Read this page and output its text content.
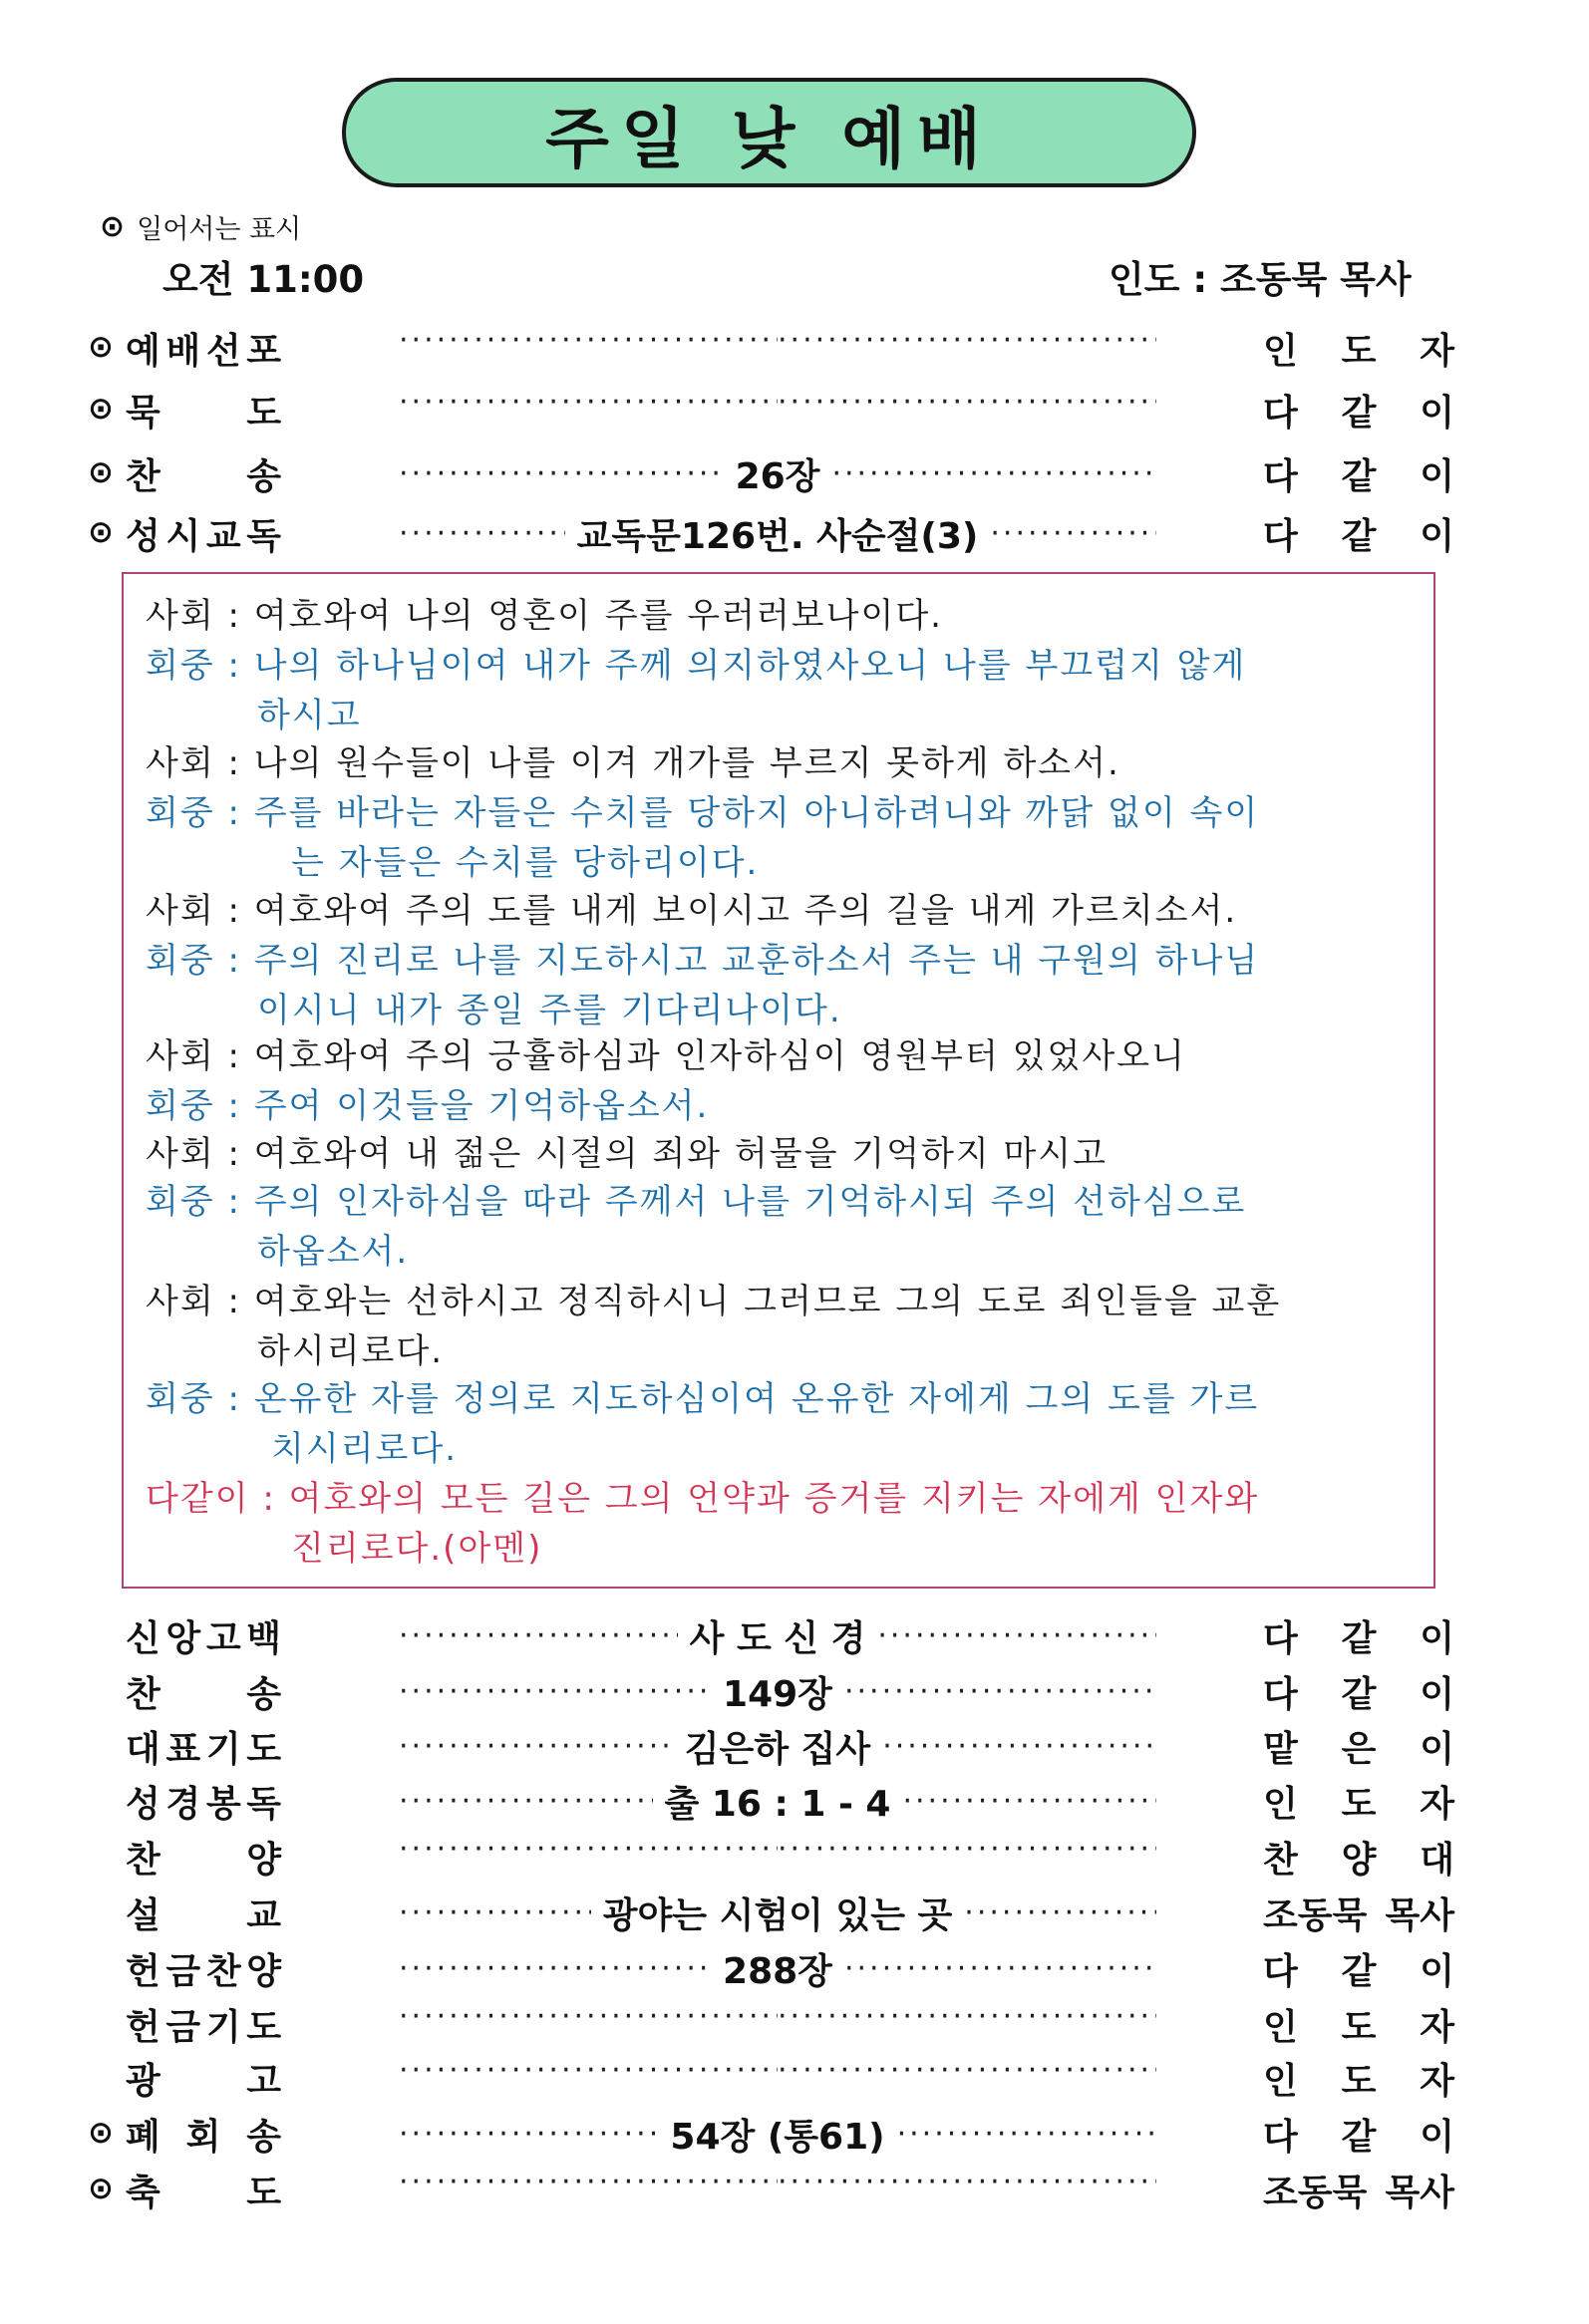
주일 낮 예배
⊙ 일어서는 표시
오전 11:00	인도 : 조동묵 목사
⊙ 예 배 선 포 ····· ·····	인 도 자
⊙ 묵 도 ····· ·····	다 같 이
⊙ 찬 송 ·····	26장 ·····	다 같 이
⊙ 성 시 교 독 ·····	교독문126번. 사순절(3) ·····	다 같 이
사회 : 여호와여 나의 영혼이 주를 우러러보나이다.
회중 : 나의 하나님이여 내가 주께 의지하였사오니 나를 부끄럽지 않게
하시고
사회 : 나의 원수들이 나를 이겨 개가를 부르지 못하게 하소서.
회중 : 주를 바라는 자들은 수치를 당하지 아니하려니와 까닭 없이 속이
는 자들은 수치를 당하리이다.
사회 : 여호와여 주의 도를 내게 보이시고 주의 길을 내게 가르치소서.
회중 : 주의 진리로 나를 지도하시고 교훈하소서 주는 내 구원의 하나님
이시니 내가 종일 주를 기다리나이다.
사회 : 여호와여 주의 긍휼하심과 인자하심이 영원부터 있었사오니
회중 : 주여 이것들을 기억하옵소서.
사회 : 여호와여 내 젊은 시절의 죄와 허물을 기억하지 마시고
회중 : 주의 인자하심을 따라 주께서 나를 기억하시되 주의 선하심으로
하옵소서.
사회 : 여호와는 선하시고 정직하시니 그러므로 그의 도로 죄인들을 교훈
하시리로다.
회중 : 온유한 자를 정의로 지도하심이여 온유한 자에게 그의 도를 가르
치시리로다.
다같이 : 여호와의 모든 길은 그의 언약과 증거를 지키는 자에게 인자와
진리로다.(아멘)
신 앙 고 백 ·····	사 도 신 경 ·····	다 같 이
찬 송 ·····	149장 ·····	다 같 이
대 표 기 도 ·····	김은하 집사 ·····	맡 은 이
성 경 봉 독 ·····	출 16 : 1 - 4 ·····	인 도 자
찬 양 ····· ·····	찬 양 대
설 교 ·····	광야는 시험이 있는 곳 ·····	조동묵 목사
헌 금 찬 양 ·····	288장 ·····	다 같 이
헌 금 기 도 ····· ·····	인 도 자
광 고 ····· ·····	인 도 자
⊙ 폐 회 송 ·····	54장 (통61) ·····	다 같 이
⊙ 축 도 ····· ·····	조동묵 목사
